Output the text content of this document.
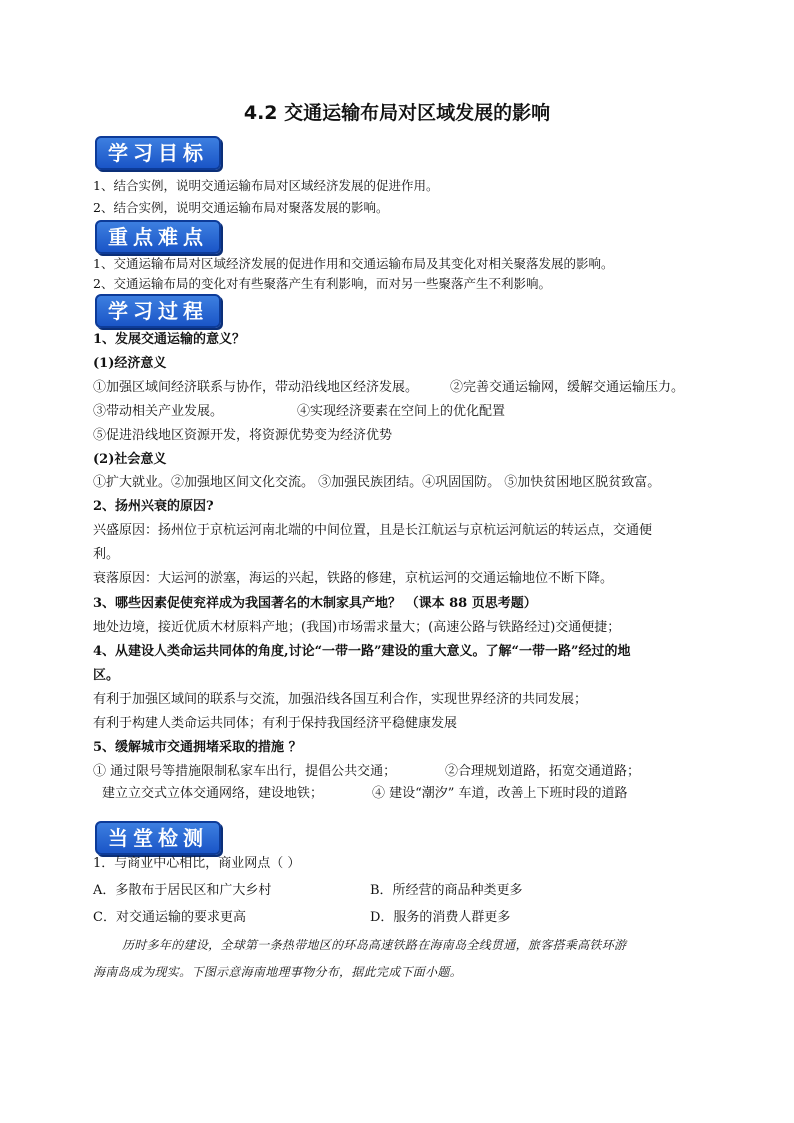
4.2 交通运输布局对区域发展的影响
学习目标
1、结合实例，说明交通运输布局对区域经济发展的促进作用。
2、结合实例，说明交通运输布局对聚落发展的影响。
重点难点
1、交通运输布局对区域经济发展的促进作用和交通运输布局及其变化对相关聚落发展的影响。
2、交通运输布局的变化对有些聚落产生有利影响，而对另一些聚落产生不利影响。
学习过程
1、发展交通运输的意义？
(1)经济意义
①加强区域间经济联系与协作，带动沿线地区经济发展。 ②完善交通运输网，缓解交通运输压力。
③带动相关产业发展。	④实现经济要素在空间上的优化配置
⑤促进沿线地区资源开发，将资源优势变为经济优势
(2)社会意义
①扩大就业。②加强地区间文化交流。 ③加强民族团结。④巩固国防。 ⑤加快贫困地区脱贫致富。
2、扬州兴衰的原因?
兴盛原因：扬州位于京杭运河南北端的中间位置，且是长江航运与京杭运河航运的转运点，交通便
利。
衰落原因：大运河的淤塞，海运的兴起，铁路的修建，京杭运河的交通运输地位不断下降。
3、哪些因素促使兖祥成为我国著名的木制家具产地？ （课本 88 页思考题）
地处边境，接近优质木材原料产地；(我国)市场需求量大；(高速公路与铁路经过)交通便捷；
4、从建设人类命运共同体的角度,讨论“一带一路”建设的重大意义。了解“一带一路”经过的地
区。
有利于加强区域间的联系与交流，加强沿线各国互利合作，实现世界经济的共同发展；
有利于构建人类命运共同体；有利于保持我国经济平稳健康发展
5、缓解城市交通拥堵采取的措施 ？
① 通过限号等措施限制私家车出行，提倡公共交通；	②合理规划道路，拓宽交通道路；
建立立交式立体交通网络，建设地铁；	④ 建设“潮汐” 车道，改善上下班时段的道路
当堂检测
1．与商业中心相比，商业网点（ ）
A．多散布于居民区和广大乡村	B．所经营的商品种类更多
C．对交通运输的要求更高	D．服务的消费人群更多
历时多年的建设，全球第一条热带地区的环岛高速铁路在海南岛全线贯通，旅客搭乘高铁环游
海南岛成为现实。下图示意海南地理事物分布，据此完成下面小题。
